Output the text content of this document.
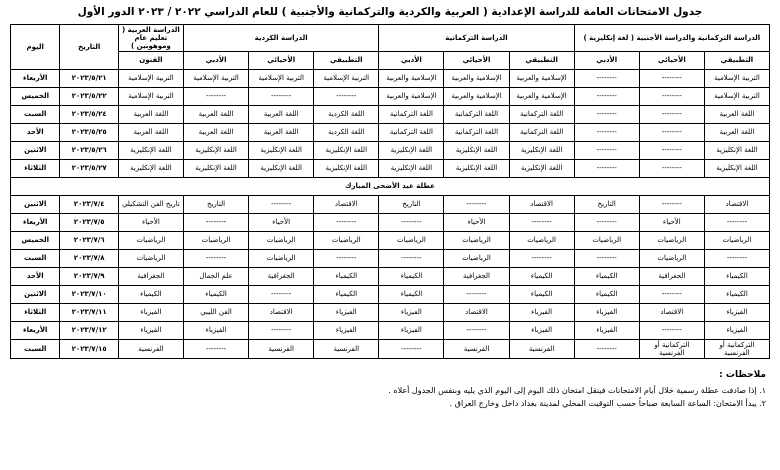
جدول الامتحانات العامة للدراسة الإعدادية ( العربية والكردية والتركمانية والأجنبية ) للعام الدراسي ٢٠٢٢ / ٢٠٢٣ الدور الأول
الدراسة التركمانية والدراسة الأجنبية ( لغة إنكليزية )			الدراسة التركمانية			الدراسة الكردية			الدراسة العربية ( تعليم عام وموهوبين )	التاريخ	اليوم
التطبيقي	الأحيائي	الأدبي	التطبيقي	الأحيائي	الأدبي	التطبيقي	الأحيائي	الأدبي	الفنون		
التربية الإسلامية	--------	--------	الإسلامية والعربية	الإسلامية والعربية	الإسلامية والعربية	التربية الإسلامية	التربية الإسلامية	التربية الإسلامية	التربية الإسلامية	٢٠٢٣/٥/٢١	الأربعاء
التربية الإسلامية	--------	--------	الإسلامية والعربية	الإسلامية والعربية	الإسلامية والعربية	--------	--------	--------	التربية الإسلامية	٢٠٢٣/٥/٢٢	الخميس
اللغة العربية	--------	--------	اللغة التركمانية	اللغة التركمانية	اللغة التركمانية	اللغة الكردية	اللغة العربية	اللغة العربية	اللغة العربية	٢٠٢٣/٥/٢٤	السبت
اللغة العربية	--------	--------	اللغة التركمانية	اللغة التركمانية	اللغة التركمانية	اللغة الكردية	اللغة العربية	اللغة العربية	اللغة العربية	٢٠٢٣/٥/٢٥	الأحد
اللغة الإنكليزية	--------	--------	اللغة الإنكليزية	اللغة الإنكليزية	اللغة الإنكليزية	اللغة الإنكليزية	اللغة الإنكليزية	اللغة الإنكليزية	اللغة الإنكليزية	٢٠٢٣/٥/٢٦	الاثنين
اللغة الإنكليزية	--------	--------	اللغة الإنكليزية	اللغة الإنكليزية	اللغة الإنكليزية	اللغة الإنكليزية	اللغة الإنكليزية	اللغة الإنكليزية	اللغة الإنكليزية	٢٠٢٣/٥/٢٧	الثلاثاء
عطلة عيد الأضحى المبارك											
الاقتصاد	--------	التاريخ	الاقتصاد	--------	التاريخ	الاقتصاد	--------	التاريخ	تاريخ الفن التشكيلي	٢٠٢٣/٧/٤	الاثنين
--------	الأحياء	--------	--------	الأحياء	--------	--------	الأحياء	--------	الأحياء	٢٠٢٣/٧/٥	الأربعاء
الرياضيات	الرياضيات	الرياضيات	الرياضيات	الرياضيات	الرياضيات	الرياضيات	الرياضيات	الرياضيات	الرياضيات	٢٠٢٣/٧/٦	الخميس
--------	الرياضيات	--------	--------	الرياضيات	--------	--------	الرياضيات	--------	الرياضيات	٢٠٢٣/٧/٨	السبت
الكيمياء	الجغرافية	الكيمياء	الكيمياء	الجغرافية	الكيمياء	الكيمياء	الجغرافية	علم الجمال	الجغرافية	٢٠٢٣/٧/٩	الأحد
الكيمياء	--------	الكيمياء	الكيمياء	--------	الكيمياء	الكيمياء	--------	الكيمياء	الكيمياء	٢٠٢٣/٧/١٠	الاثنين
الفيزياء	الاقتصاد	الفيزياء	الفيزياء	الاقتصاد	الفيزياء	الفيزياء	الاقتصاد	الفن الليبي	الفيزياء	٢٠٢٣/٧/١١	الثلاثاء
الفيزياء	--------	الفيزياء	الفيزياء	--------	الفيزياء	الفيزياء	--------	الفيزياء	الفيزياء	٢٠٢٣/٧/١٢	الأربعاء
التركمانية أو الفرنسية	التركمانية أو الفرنسية	--------	الفرنسية	الفرنسية	--------	الفرنسية	الفرنسية	--------	الفرنسية	٢٠٢٣/٧/١٥	السبت
ملاحظات :
١. إذا صادفت عطلة رسمية خلال أيام الامتحانات فينقل امتحان ذلك اليوم إلى اليوم الذي يليه وبنفس الجدول أعلاه .
٢. يبدأ الامتحان: الساعة السابعة صباحاً حسب التوقيت المحلي لمدينة بغداد داخل وخارج العراق .
